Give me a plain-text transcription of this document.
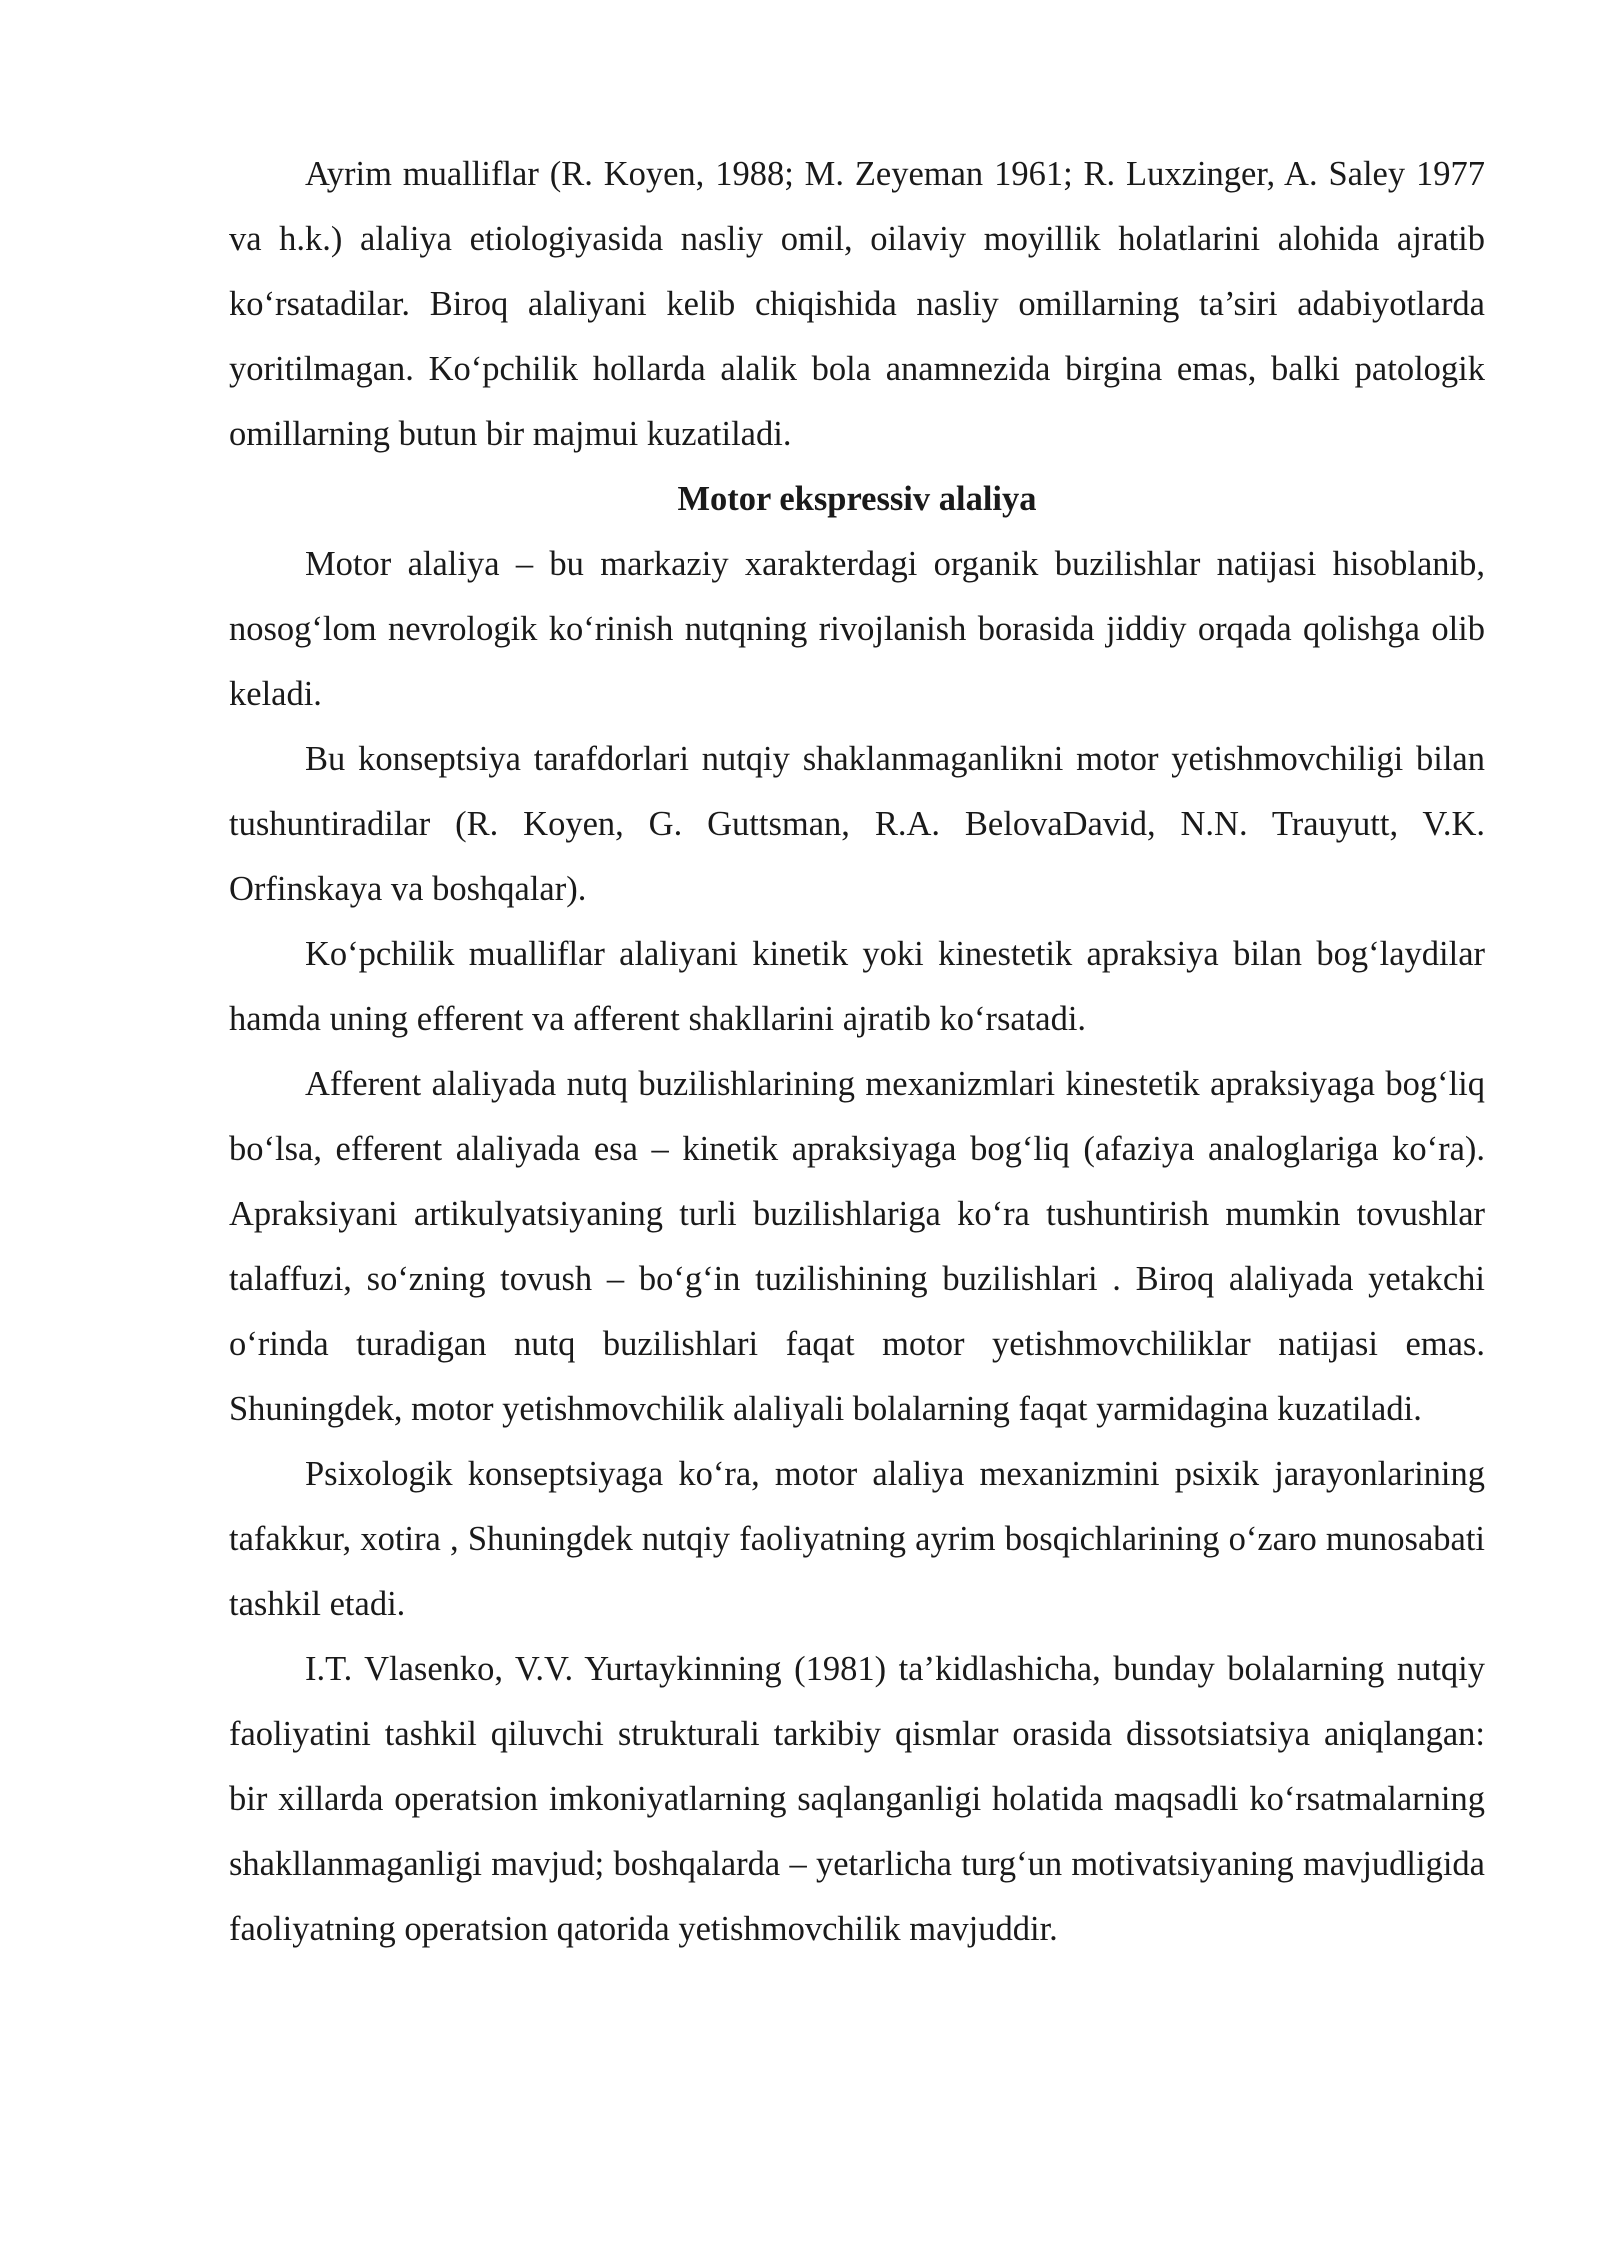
Ayrim mualliflar (R. Koyen, 1988; M. Zeyeman 1961; R. Luxzinger, A. Saley 1977 va h.k.) alaliya etiologiyasida nasliy omil, oilaviy moyillik holatlarini alohida ajratib ko‘rsatadilar. Biroq alaliyani kelib chiqishida nasliy omillarning ta’siri adabiyotlarda yoritilmagan. Ko‘pchilik hollarda alalik bola anamnezida birgina emas, balki patologik omillarning butun bir majmui kuzatiladi.

Motor ekspressiv alaliya

Motor alaliya – bu markaziy xarakterdagi organik buzilishlar natijasi hisoblanib, nosog‘lom nevrologik ko‘rinish nutqning rivojlanish borasida jiddiy orqada qolishga olib keladi.

Bu konseptsiya tarafdorlari nutqiy shaklanmaganlikni motor yetishmovchiligi bilan tushuntiradilar (R. Koyen, G. Guttsman, R.A. BelovaDavid, N.N. Trauyutt, V.K. Orfinskaya va boshqalar).

Ko‘pchilik mualliflar alaliyani kinetik yoki kinestetik apraksiya bilan bog‘laydilar hamda uning efferent va afferent shakllarini ajratib ko‘rsatadi.

Afferent alaliyada nutq buzilishlarining mexanizmlari kinestetik apraksiyaga bog‘liq bo‘lsa, efferent alaliyada esa – kinetik apraksiyaga bog‘liq (afaziya analoglariga ko‘ra). Apraksiyani artikulyatsiyaning turli buzilishlariga ko‘ra tushuntirish mumkin tovushlar talaffuzi, so‘zning tovush – bo‘g‘in tuzilishining buzilishlari . Biroq alaliyada yetakchi o‘rinda turadigan nutq buzilishlari faqat motor yetishmovchiliklar natijasi emas. Shuningdek, motor yetishmovchilik alaliyali bolalarning faqat yarmidagina kuzatiladi.

Psixologik konseptsiyaga ko‘ra, motor alaliya mexanizmini psixik jarayonlarining tafakkur, xotira , Shuningdek nutqiy faoliyatning ayrim bosqichlarining o‘zaro munosabati tashkil etadi.

I.T. Vlasenko, V.V. Yurtaykinning (1981) ta’kidlashicha, bunday bolalarning nutqiy faoliyatini tashkil qiluvchi strukturali tarkibiy qismlar orasida dissotsiatsiya aniqlangan: bir xillarda operatsion imkoniyatlarning saqlanganligi holatida maqsadli ko‘rsatmalarning shakllanmaganligi mavjud; boshqalarda – yetarlicha turg‘un motivatsiyaning mavjudligida faoliyatning operatsion qatorida yetishmovchilik mavjuddir.
